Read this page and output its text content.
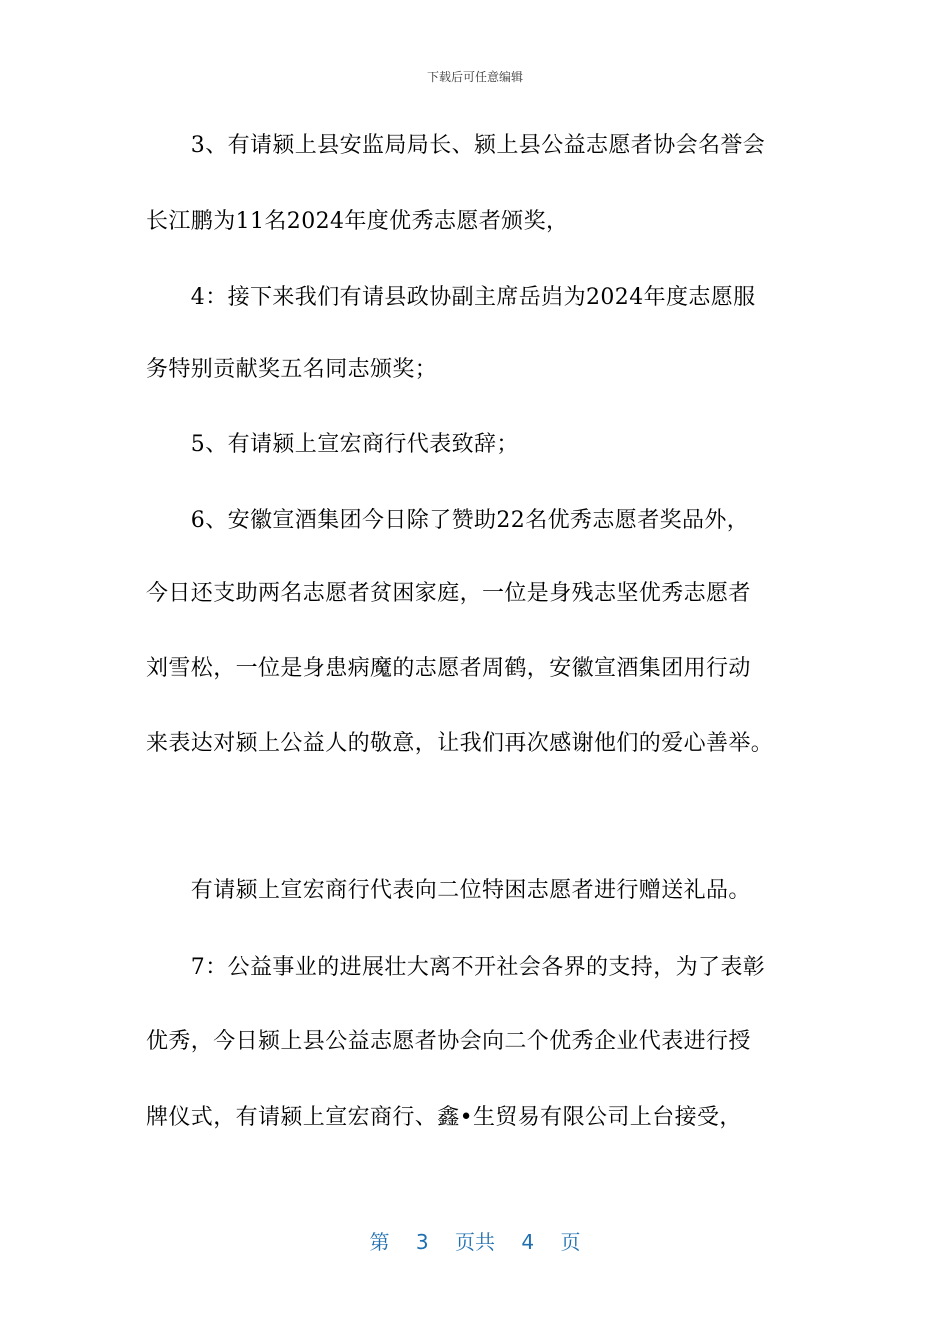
下载后可任意编辑
　　3、有请颍上县安监局局长、颍上县公益志愿者协会名誉会
长江鹏为11名2024年度优秀志愿者颁奖，
　　4：接下来我们有请县政协副主席岳岿为2024年度志愿服
务特别贡献奖五名同志颁奖；
　　5、有请颍上宣宏商行代表致辞；
　　6、安徽宣酒集团今日除了赞助22名优秀志愿者奖品外，
今日还支助两名志愿者贫困家庭，一位是身残志坚优秀志愿者
刘雪松，一位是身患病魔的志愿者周鹤，安徽宣酒集团用行动
来表达对颍上公益人的敬意，让我们再次感谢他们的爱心善举。
　　有请颍上宣宏商行代表向二位特困志愿者进行赠送礼品。
　　7：公益事业的进展壮大离不开社会各界的支持，为了表彰
优秀，今日颍上县公益志愿者协会向二个优秀企业代表进行授
牌仪式，有请颍上宣宏商行、鑫•生贸易有限公司上台接受，
第 3 页共 4 页
